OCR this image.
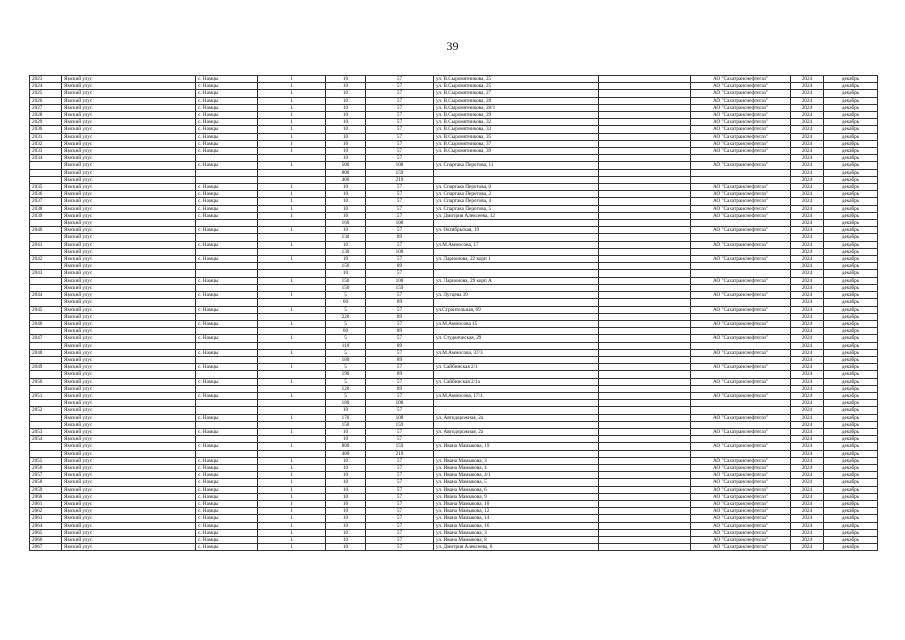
39
2023	Ямский улус	с. Намцы	1	10	57	ул. В.Сыромятникова, 25		АО "Сахатранснефтегаз"	2024	декабрь
2024	Ямский улус	с. Намцы	1	10	57	ул. В.Сыромятникова, 25		АО "Сахатранснефтегаз"	2024	декабрь
2025	Ямский улус	с. Намцы	1	10	57	ул. В.Сыромятникова, 27		АО "Сахатранснефтегаз"	2024	декабрь
2026	Ямский улус	с. Намцы	1	10	57	ул. В.Сыромятникова, 28		АО "Сахатранснефтегаз"	2024	декабрь
2027	Ямский улус	с. Намцы	1	10	57	ул. В.Сыромятникова, 28/1		АО "Сахатранснефтегаз"	2024	декабрь
2028	Ямский улус	с. Намцы	1	10	57	ул. В.Сыромятникова, 29		АО "Сахатранснефтегаз"	2024	декабрь
2029	Ямский улус	с. Намцы	1	10	57	ул. В.Сыромятникова, 32		АО "Сахатранснефтегаз"	2024	декабрь
2030	Ямский улус	с. Намцы	1	10	57	ул. В.Сыромятникова, 33		АО "Сахатранснефтегаз"	2024	декабрь
2031	Ямский улус	с. Намцы	1	10	57	ул. В.Сыромятникова, 35		АО "Сахатранснефтегаз"	2024	декабрь
2032	Ямский улус	с. Намцы	1	10	57	ул. В.Сыромятникова, 37		АО "Сахатранснефтегаз"	2024	декабрь
2033	Ямский улус	с. Намцы	1	10	57	ул. В.Сыромятникова, 39		АО "Сахатранснефтегаз"	2024	декабрь
2034	Ямский улус			10	57				2024	декабрь
	Ямский улус	с. Намцы	1	500	108	ул. Спартака Перотова, 11		АО "Сахатранснефтегаз"	2024	декабрь
	Ямский улус			800	159				2024	декабрь
	Ямский улус			400	219				2024	декабрь
2035	Ямский улус	с. Намцы	1	10	57	ул. Спартака Перотова, 0		АО "Сахатранснефтегаз"	2024	декабрь
2036	Ямский улус	с. Намцы	1	10	57	ул. Спартака Перотова, 2		АО "Сахатранснефтегаз"	2024	декабрь
2037	Ямский улус	с. Намцы	1	10	57	ул. Спартака Перотова, 4		АО "Сахатранснефтегаз"	2024	декабрь
2038	Ямский улус	с. Намцы	1	10	57	ул. Спартака Перотова, 5		АО "Сахатранснефтегаз"	2024	декабрь
2039	Ямский улус	с. Намцы	1	10	57	ул. Дмитрия Алексеева, 12		АО "Сахатранснефтегаз"	2024	декабрь
	Ямский улус			160	108				2024	декабрь
2040	Ямский улус	с. Намцы	1	10	57	ул. Октябрьская, 19		АО "Сахатранснефтегаз"	2024	декабрь
	Ямский улус			130	89				2024	декабрь
2041	Ямский улус	с. Намцы	1	10	57	ул.М.Аммосова, 17		АО "Сахатранснефтегаз"	2024	декабрь
	Ямский улус			130	108				2024	декабрь
2042	Ямский улус	с. Намцы	1	10	57	ул. Ларионова, 22 корп 1		АО "Сахатранснефтегаз"	2024	декабрь
	Ямский улус			150	89				2024	декабрь
2043	Ямский улус			10	57				2024	декабрь
	Ямский улус	с. Намцы	1	150	108	ул. Ларионова, 29 корп А		АО "Сахатранснефтегаз"	2024	декабрь
	Ямский улус			150	159				2024	декабрь
2044	Ямский улус	с. Намцы	1	5	57	ул. Лугцева 39		АО "Сахатранснефтегаз"	2024	декабрь
	Ямский улус			60	89				2024	декабрь
2045	Ямский улус	с. Намцы	1	5	57	ул.Строительная, 69		АО "Сахатранснефтегаз"	2024	декабрь
	Ямский улус			220	89				2024	декабрь
2046	Ямский улус	с. Намцы	1	5	57	ул.М.Аммосова 15		АО "Сахатранснефтегаз"	2024	декабрь
	Ямский улус			60	89				2024	декабрь
2047	Ямский улус	с. Намцы	1	5	57	ул. Студенческая, 29		АО "Сахатранснефтегаз"	2024	декабрь
	Ямский улус			110	89				2024	декабрь
2048	Ямский улус	с. Намцы	1	5	57	ул.М.Аммосова, 37/3		АО "Сахатранснефтегаз"	2024	декабрь
	Ямский улус			180	89				2024	декабрь
2049	Ямский улус	с. Намцы	1	5	57	ул. Сайбинская 2/1		АО "Сахатранснефтегаз"	2024	декабрь
	Ямский улус			190	89				2024	декабрь
2050	Ямский улус	с. Намцы	1	5	57	ул. Сайбинская 2/1а		АО "Сахатранснефтегаз"	2024	декабрь
	Ямский улус			120	89				2024	декабрь
2051	Ямский улус	с. Намцы	1	5	57	ул.М.Аммосова, 17/1		АО "Сахатранснефтегаз"	2024	декабрь
	Ямский улус			180	108				2024	декабрь
2052	Ямский улус			10	57				2024	декабрь
	Ямский улус	с. Намцы	1	170	108	ул. Автодорожная, 2а		АО "Сахатранснефтегаз"	2024	декабрь
	Ямский улус			150	159				2024	декабрь
2053	Ямский улус	с. Намцы	1	10	57	ул. Автодорожная, 2а		АО "Сахатранснефтегаз"	2024	декабрь
2054	Ямский улус			10	57				2024	декабрь
	Ямский улус	с. Намцы	1	800	159	ул. Ивана Мамыкова, 19		АО "Сахатранснефтегаз"	2024	декабрь
	Ямский улус			400	219				2024	декабрь
2055	Ямский улус	с. Намцы	1	10	57	ул. Ивана Мамыкова, 3		АО "Сахатранснефтегаз"	2024	декабрь
2056	Ямский улус	с. Намцы	1	10	57	ул. Ивана Мамыкова, 4		АО "Сахатранснефтегаз"	2024	декабрь
2057	Ямский улус	с. Намцы	1	10	57	ул. Ивана Мамыкова, 4/1		АО "Сахатранснефтегаз"	2024	декабрь
2058	Ямский улус	с. Намцы	1	10	57	ул. Ивана Мамыкова, 5		АО "Сахатранснефтегаз"	2024	декабрь
2059	Ямский улус	с. Намцы	1	10	57	ул. Ивана Мамыкова, 6		АО "Сахатранснефтегаз"	2024	декабрь
2060	Ямский улус	с. Намцы	1	10	57	ул. Ивана Мамыкова, 9		АО "Сахатранснефтегаз"	2024	декабрь
2061	Ямский улус	с. Намцы	1	10	57	ул. Ивана Мамыкова, 10		АО "Сахатранснефтегаз"	2024	декабрь
2062	Ямский улус	с. Намцы	1	10	57	ул. Ивана Мамыкова, 12		АО "Сахатранснефтегаз"	2024	декабрь
2063	Ямский улус	с. Намцы	1	10	57	ул. Ивана Мамыкова, 14		АО "Сахатранснефтегаз"	2024	декабрь
2064	Ямский улус	с. Намцы	1	10	57	ул. Ивана Мамыкова, 16		АО "Сахатранснефтегаз"	2024	декабрь
2065	Ямский улус	с. Намцы	1	10	57	ул. Ивана Мамыкова, 3		АО "Сахатранснефтегаз"	2024	декабрь
2066	Ямский улус	с. Намцы	1	10	57	ул. Ивана Мамыкова, 8		АО "Сахатранснефтегаз"	2024	декабрь
2067	Ямский улус	с. Намцы	1	10	57	ул. Дмитрия Алексеева, 6		АО "Сахатранснефтегаз"	2024	декабрь
